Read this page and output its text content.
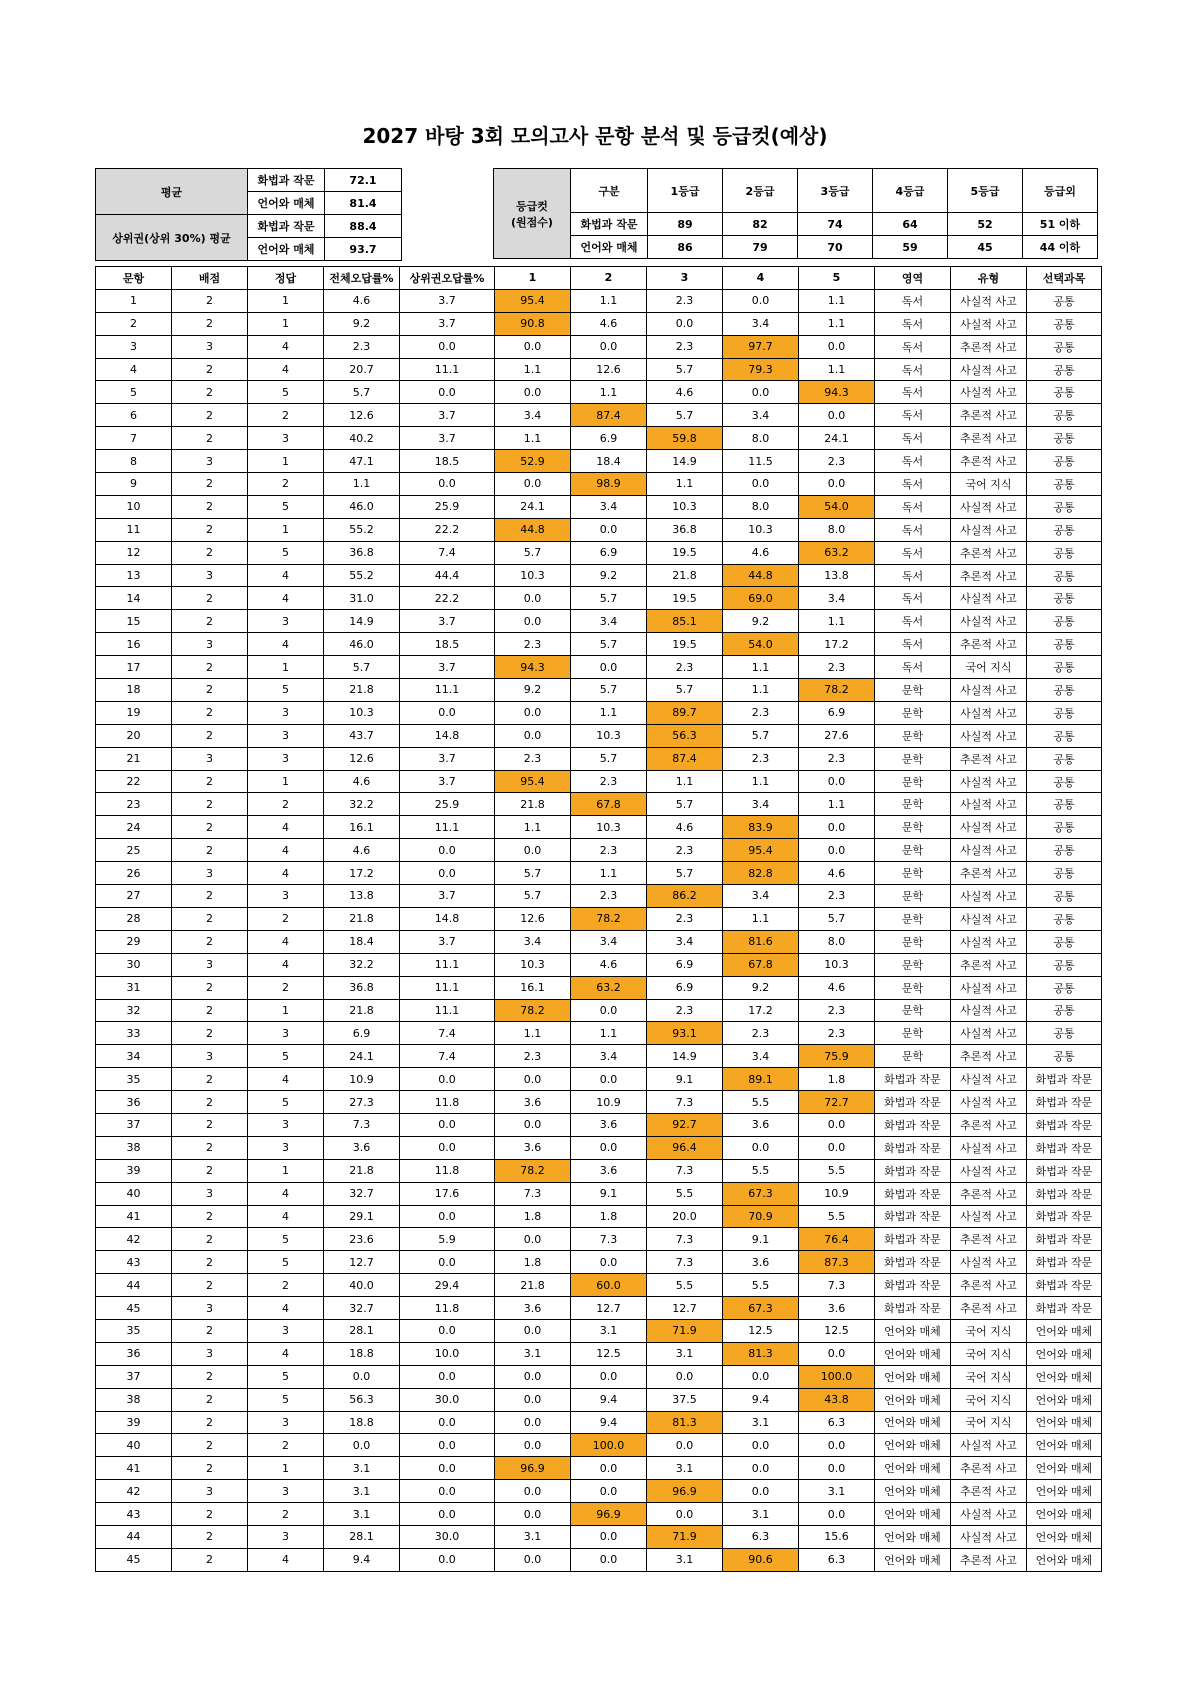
2027 바탕 3회 모의고사 문항 분석 및 등급컷(예상)
평균	화법과 작문	72.1
	언어와 매체	81.4
상위권(상위 30%) 평균	화법과 작문	88.4
	언어와 매체	93.7
등급컷
(원점수)	구분	1등급	2등급	3등급	4등급	5등급	등급외
	화법과 작문	89	82	74	64	52	51 이하
	언어와 매체	86	79	70	59	45	44 이하
문항	배점	정답	전체오답률%	상위권오답률%	1	2	3	4	5	영역	유형	선택과목
1	2	1	4.6	3.7	95.4	1.1	2.3	0.0	1.1	독서	사실적 사고	공통
2	2	1	9.2	3.7	90.8	4.6	0.0	3.4	1.1	독서	사실적 사고	공통
3	3	4	2.3	0.0	0.0	0.0	2.3	97.7	0.0	독서	추론적 사고	공통
4	2	4	20.7	11.1	1.1	12.6	5.7	79.3	1.1	독서	사실적 사고	공통
5	2	5	5.7	0.0	0.0	1.1	4.6	0.0	94.3	독서	사실적 사고	공통
6	2	2	12.6	3.7	3.4	87.4	5.7	3.4	0.0	독서	추론적 사고	공통
7	2	3	40.2	3.7	1.1	6.9	59.8	8.0	24.1	독서	추론적 사고	공통
8	3	1	47.1	18.5	52.9	18.4	14.9	11.5	2.3	독서	추론적 사고	공통
9	2	2	1.1	0.0	0.0	98.9	1.1	0.0	0.0	독서	국어 지식	공통
10	2	5	46.0	25.9	24.1	3.4	10.3	8.0	54.0	독서	사실적 사고	공통
11	2	1	55.2	22.2	44.8	0.0	36.8	10.3	8.0	독서	사실적 사고	공통
12	2	5	36.8	7.4	5.7	6.9	19.5	4.6	63.2	독서	추론적 사고	공통
13	3	4	55.2	44.4	10.3	9.2	21.8	44.8	13.8	독서	추론적 사고	공통
14	2	4	31.0	22.2	0.0	5.7	19.5	69.0	3.4	독서	사실적 사고	공통
15	2	3	14.9	3.7	0.0	3.4	85.1	9.2	1.1	독서	사실적 사고	공통
16	3	4	46.0	18.5	2.3	5.7	19.5	54.0	17.2	독서	추론적 사고	공통
17	2	1	5.7	3.7	94.3	0.0	2.3	1.1	2.3	독서	국어 지식	공통
18	2	5	21.8	11.1	9.2	5.7	5.7	1.1	78.2	문학	사실적 사고	공통
19	2	3	10.3	0.0	0.0	1.1	89.7	2.3	6.9	문학	사실적 사고	공통
20	2	3	43.7	14.8	0.0	10.3	56.3	5.7	27.6	문학	사실적 사고	공통
21	3	3	12.6	3.7	2.3	5.7	87.4	2.3	2.3	문학	추론적 사고	공통
22	2	1	4.6	3.7	95.4	2.3	1.1	1.1	0.0	문학	사실적 사고	공통
23	2	2	32.2	25.9	21.8	67.8	5.7	3.4	1.1	문학	사실적 사고	공통
24	2	4	16.1	11.1	1.1	10.3	4.6	83.9	0.0	문학	사실적 사고	공통
25	2	4	4.6	0.0	0.0	2.3	2.3	95.4	0.0	문학	사실적 사고	공통
26	3	4	17.2	0.0	5.7	1.1	5.7	82.8	4.6	문학	추론적 사고	공통
27	2	3	13.8	3.7	5.7	2.3	86.2	3.4	2.3	문학	사실적 사고	공통
28	2	2	21.8	14.8	12.6	78.2	2.3	1.1	5.7	문학	사실적 사고	공통
29	2	4	18.4	3.7	3.4	3.4	3.4	81.6	8.0	문학	사실적 사고	공통
30	3	4	32.2	11.1	10.3	4.6	6.9	67.8	10.3	문학	추론적 사고	공통
31	2	2	36.8	11.1	16.1	63.2	6.9	9.2	4.6	문학	사실적 사고	공통
32	2	1	21.8	11.1	78.2	0.0	2.3	17.2	2.3	문학	사실적 사고	공통
33	2	3	6.9	7.4	1.1	1.1	93.1	2.3	2.3	문학	사실적 사고	공통
34	3	5	24.1	7.4	2.3	3.4	14.9	3.4	75.9	문학	추론적 사고	공통
35	2	4	10.9	0.0	0.0	0.0	9.1	89.1	1.8	화법과 작문	사실적 사고	화법과 작문
36	2	5	27.3	11.8	3.6	10.9	7.3	5.5	72.7	화법과 작문	사실적 사고	화법과 작문
37	2	3	7.3	0.0	0.0	3.6	92.7	3.6	0.0	화법과 작문	추론적 사고	화법과 작문
38	2	3	3.6	0.0	3.6	0.0	96.4	0.0	0.0	화법과 작문	사실적 사고	화법과 작문
39	2	1	21.8	11.8	78.2	3.6	7.3	5.5	5.5	화법과 작문	사실적 사고	화법과 작문
40	3	4	32.7	17.6	7.3	9.1	5.5	67.3	10.9	화법과 작문	추론적 사고	화법과 작문
41	2	4	29.1	0.0	1.8	1.8	20.0	70.9	5.5	화법과 작문	사실적 사고	화법과 작문
42	2	5	23.6	5.9	0.0	7.3	7.3	9.1	76.4	화법과 작문	추론적 사고	화법과 작문
43	2	5	12.7	0.0	1.8	0.0	7.3	3.6	87.3	화법과 작문	사실적 사고	화법과 작문
44	2	2	40.0	29.4	21.8	60.0	5.5	5.5	7.3	화법과 작문	추론적 사고	화법과 작문
45	3	4	32.7	11.8	3.6	12.7	12.7	67.3	3.6	화법과 작문	추론적 사고	화법과 작문
35	2	3	28.1	0.0	0.0	3.1	71.9	12.5	12.5	언어와 매체	국어 지식	언어와 매체
36	3	4	18.8	10.0	3.1	12.5	3.1	81.3	0.0	언어와 매체	국어 지식	언어와 매체
37	2	5	0.0	0.0	0.0	0.0	0.0	0.0	100.0	언어와 매체	국어 지식	언어와 매체
38	2	5	56.3	30.0	0.0	9.4	37.5	9.4	43.8	언어와 매체	국어 지식	언어와 매체
39	2	3	18.8	0.0	0.0	9.4	81.3	3.1	6.3	언어와 매체	국어 지식	언어와 매체
40	2	2	0.0	0.0	0.0	100.0	0.0	0.0	0.0	언어와 매체	사실적 사고	언어와 매체
41	2	1	3.1	0.0	96.9	0.0	3.1	0.0	0.0	언어와 매체	추론적 사고	언어와 매체
42	3	3	3.1	0.0	0.0	0.0	96.9	0.0	3.1	언어와 매체	추론적 사고	언어와 매체
43	2	2	3.1	0.0	0.0	96.9	0.0	3.1	0.0	언어와 매체	사실적 사고	언어와 매체
44	2	3	28.1	30.0	3.1	0.0	71.9	6.3	15.6	언어와 매체	사실적 사고	언어와 매체
45	2	4	9.4	0.0	0.0	0.0	3.1	90.6	6.3	언어와 매체	추론적 사고	언어와 매체
